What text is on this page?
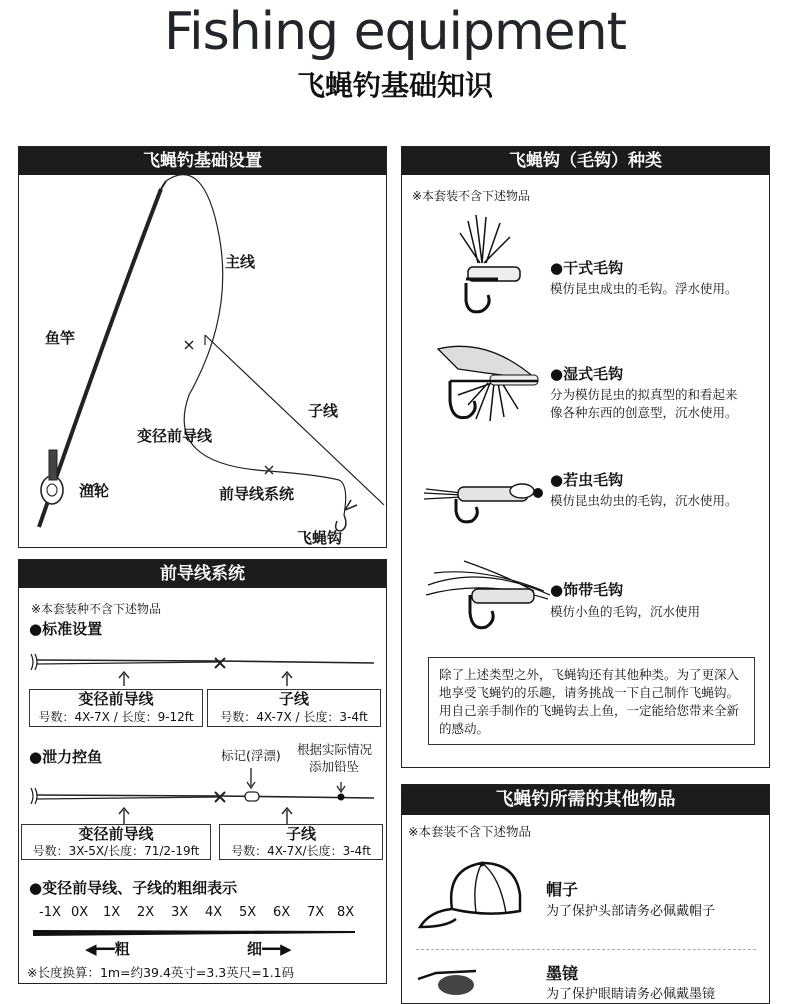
Fishing equipment
飞蝇钓基础知识
飞蝇钓基础设置
主线
鱼竿
子线
变径前导线
渔轮	前导线系统
飞蝇钩
飞蝇钩（毛钩）种类
※本套装不含下述物品
●干式毛钩
模仿昆虫成虫的毛钩。浮水使用。
●湿式毛钩
分为模仿昆虫的拟真型的和看起来
像各种东西的创意型，沉水使用。
●若虫毛钩
模仿昆虫幼虫的毛钩，沉水使用。
●饰带毛钩
模仿小鱼的毛钩，沉水使用
除了上述类型之外，飞蝇钩还有其他种类。为了更深入地享受飞蝇钓的乐趣，请务挑战一下自己制作飞蝇钩。用自己亲手制作的飞蝇钩去上鱼，一定能给您带来全新的感动。
前导线系统
※本套装种不含下述物品
●标准设置
变径前导线
号数：4X-7X / 长度：9-12ft
子线
号数：4X-7X / 长度：3-4ft
●泄力控鱼	标记(浮漂) 根据实际情况
添加铅坠
变径前导线
号数：3X-5X/长度：71/2-19ft
子线
号数：4X-7X/长度：3-4ft
●变径前导线、子线的粗细表示
-1X 0X 1X 2X 3X 4X 5X 6X 7X 8X
◀━━粗	细━━▶
※长度换算：1m=约39.4英寸=3.3英尺=1.1码
飞蝇钓所需的其他物品
※本套装不含下述物品
帽子
为了保护头部请务必佩戴帽子
墨镜
为了保护眼睛请务必佩戴墨镜
